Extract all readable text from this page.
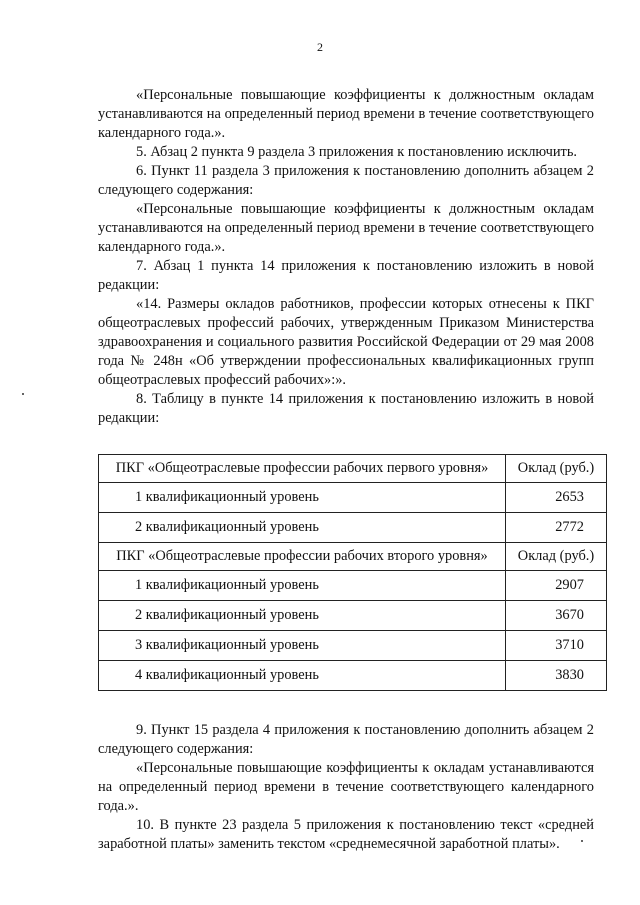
2

«Персональные повышающие коэффициенты к должностным окладам устанавливаются на определенный период времени в течение соответствующего календарного года.».

5. Абзац 2 пункта 9 раздела 3 приложения к постановлению исключить.

6. Пункт 11 раздела 3 приложения к постановлению дополнить абзацем 2 следующего содержания:

«Персональные повышающие коэффициенты к должностным окладам устанавливаются на определенный период времени в течение соответствующего календарного года.».

7. Абзац 1 пункта 14 приложения к постановлению изложить в новой редакции:

«14. Размеры окладов работников, профессии которых отнесены к ПКГ общеотраслевых профессий рабочих, утвержденным Приказом Министерства здравоохранения и социального развития Российской Федерации от 29 мая 2008 года № 248н «Об утверждении профессиональных квалификационных групп общеотраслевых профессий рабочих»:».

8. Таблицу в пункте 14 приложения к постановлению изложить в новой редакции:

ПКГ «Общеотраслевые профессии рабочих первого уровня»	Оклад (руб.)
1 квалификационный уровень	2653
2 квалификационный уровень	2772
ПКГ «Общеотраслевые профессии рабочих второго уровня»	Оклад (руб.)
1 квалификационный уровень	2907
2 квалификационный уровень	3670
3 квалификационный уровень	3710
4 квалификационный уровень	3830

9. Пункт 15 раздела 4 приложения к постановлению дополнить абзацем 2 следующего содержания:

«Персональные повышающие коэффициенты к окладам устанавливаются на определенный период времени в течение соответствующего календарного года.».

10. В пункте 23 раздела 5 приложения к постановлению текст «средней заработной платы» заменить текстом «среднемесячной заработной платы».
